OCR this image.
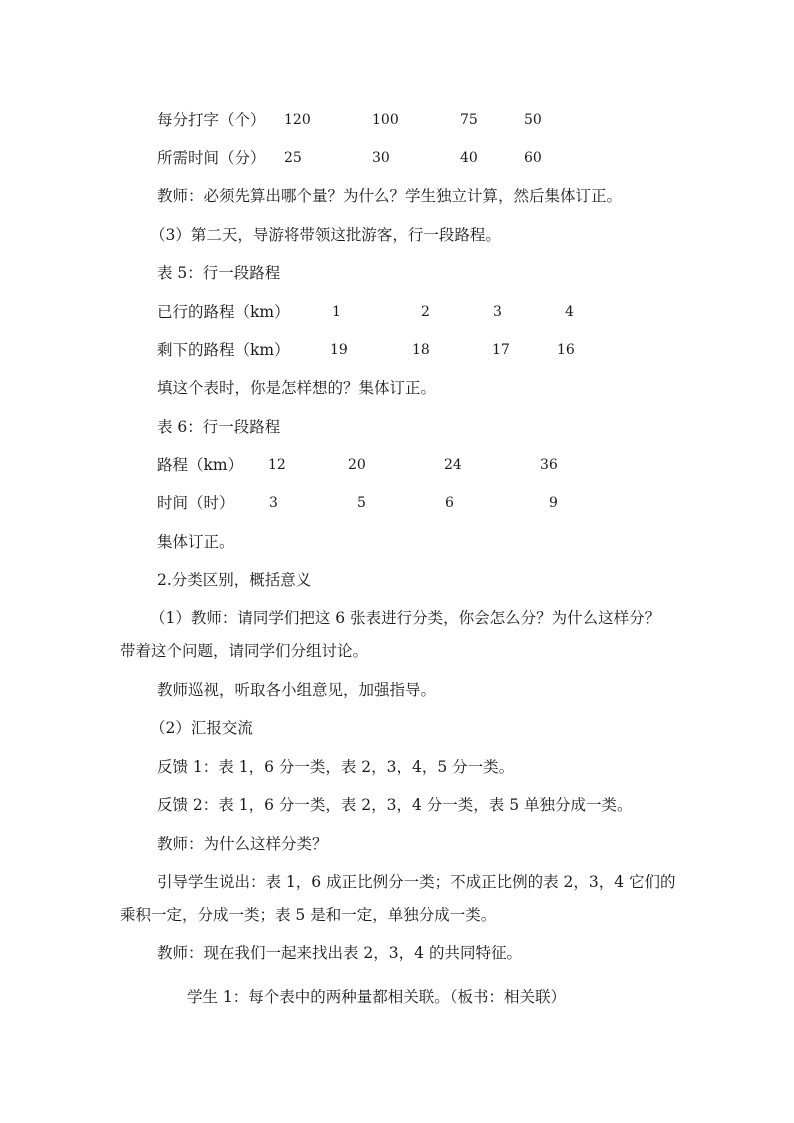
每分打字（个） 120	100	75	50
所需时间（分） 25	30	40	60
教师：必须先算出哪个量？为什么？学生独立计算，然后集体订正。
（3）第二天，导游将带领这批游客，行一段路程。
表 5：行一段路程
已行的路程（km）	1	2	3	4
剩下的路程（km）	19	18	17	16
填这个表时，你是怎样想的？集体订正。
表 6：行一段路程
路程（km） 12	20	24	36
时间（时） 3	5	6	9
集体订正。
2.分类区别，概括意义
（1）教师：请同学们把这 6 张表进行分类，你会怎么分？为什么这样分？
带着这个问题，请同学们分组讨论。
教师巡视，听取各小组意见，加强指导。
（2）汇报交流
反馈 1：表 1，6 分一类，表 2，3，4，5 分一类。
反馈 2：表 1，6 分一类，表 2，3，4 分一类，表 5 单独分成一类。
教师：为什么这样分类？
引导学生说出：表 1，6 成正比例分一类；不成正比例的表 2，3，4 它们的
乘积一定，分成一类；表 5 是和一定，单独分成一类。
教师：现在我们一起来找出表 2，3，4 的共同特征。
学生 1：每个表中的两种量都相关联。（板书：相关联）
